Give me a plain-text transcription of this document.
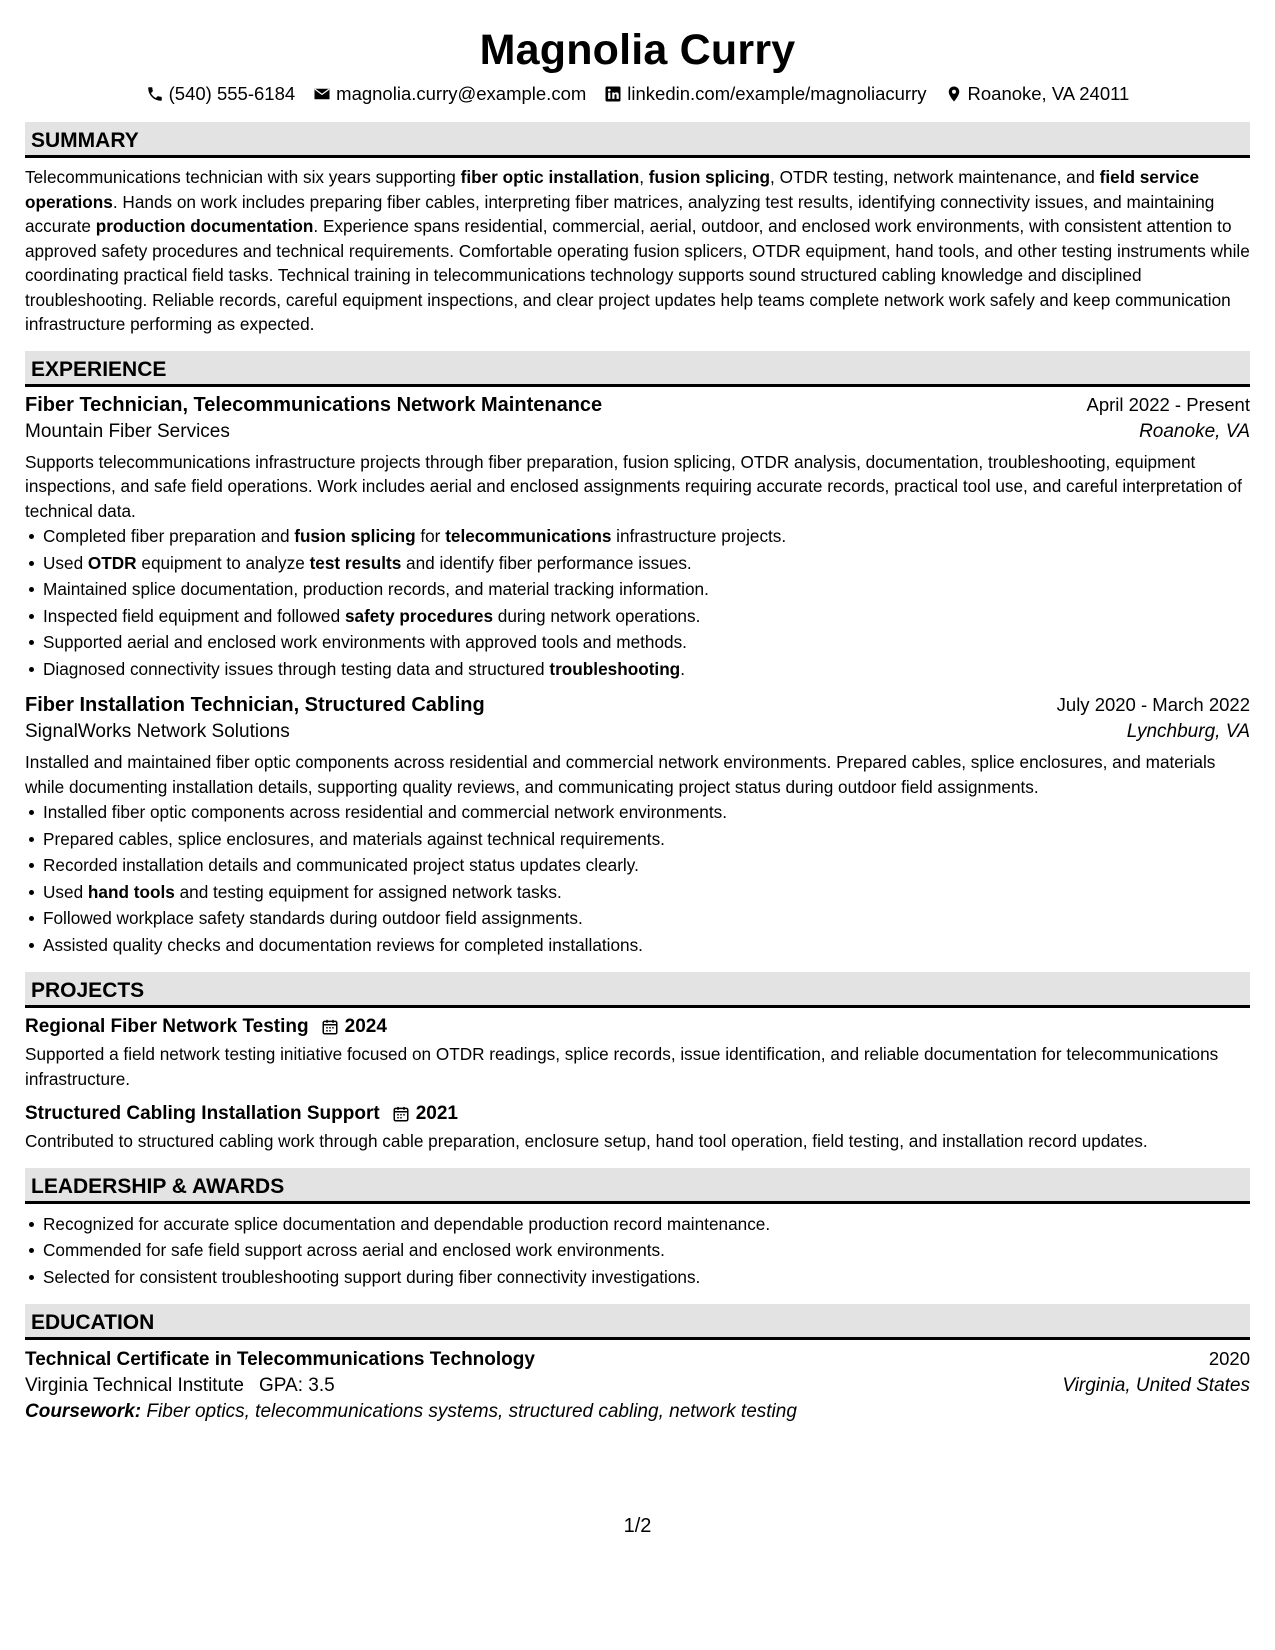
Magnolia Curry
(540) 555-6184 magnolia.curry@example.com linkedin.com/example/magnoliacurry Roanoke, VA 24011
SUMMARY
Telecommunications technician with six years supporting fiber optic installation, fusion splicing, OTDR testing, network maintenance, and field service operations. Hands on work includes preparing fiber cables, interpreting fiber matrices, analyzing test results, identifying connectivity issues, and maintaining accurate production documentation. Experience spans residential, commercial, aerial, outdoor, and enclosed work environments, with consistent attention to approved safety procedures and technical requirements. Comfortable operating fusion splicers, OTDR equipment, hand tools, and other testing instruments while coordinating practical field tasks. Technical training in telecommunications technology supports sound structured cabling knowledge and disciplined troubleshooting. Reliable records, careful equipment inspections, and clear project updates help teams complete network work safely and keep communication infrastructure performing as expected.
EXPERIENCE
Fiber Technician, Telecommunications Network Maintenance	April 2022 - Present
Mountain Fiber Services	Roanoke, VA
Supports telecommunications infrastructure projects through fiber preparation, fusion splicing, OTDR analysis, documentation, troubleshooting, equipment inspections, and safe field operations. Work includes aerial and enclosed assignments requiring accurate records, practical tool use, and careful interpretation of technical data.
Completed fiber preparation and fusion splicing for telecommunications infrastructure projects.
Used OTDR equipment to analyze test results and identify fiber performance issues.
Maintained splice documentation, production records, and material tracking information.
Inspected field equipment and followed safety procedures during network operations.
Supported aerial and enclosed work environments with approved tools and methods.
Diagnosed connectivity issues through testing data and structured troubleshooting.
Fiber Installation Technician, Structured Cabling	July 2020 - March 2022
SignalWorks Network Solutions	Lynchburg, VA
Installed and maintained fiber optic components across residential and commercial network environments. Prepared cables, splice enclosures, and materials while documenting installation details, supporting quality reviews, and communicating project status during outdoor field assignments.
Installed fiber optic components across residential and commercial network environments.
Prepared cables, splice enclosures, and materials against technical requirements.
Recorded installation details and communicated project status updates clearly.
Used hand tools and testing equipment for assigned network tasks.
Followed workplace safety standards during outdoor field assignments.
Assisted quality checks and documentation reviews for completed installations.
PROJECTS
Regional Fiber Network Testing 2024
Supported a field network testing initiative focused on OTDR readings, splice records, issue identification, and reliable documentation for telecommunications infrastructure.
Structured Cabling Installation Support 2021
Contributed to structured cabling work through cable preparation, enclosure setup, hand tool operation, field testing, and installation record updates.
LEADERSHIP & AWARDS
Recognized for accurate splice documentation and dependable production record maintenance.
Commended for safe field support across aerial and enclosed work environments.
Selected for consistent troubleshooting support during fiber connectivity investigations.
EDUCATION
Technical Certificate in Telecommunications Technology	2020
Virginia Technical Institute GPA: 3.5	Virginia, United States
Coursework: Fiber optics, telecommunications systems, structured cabling, network testing
1/2
